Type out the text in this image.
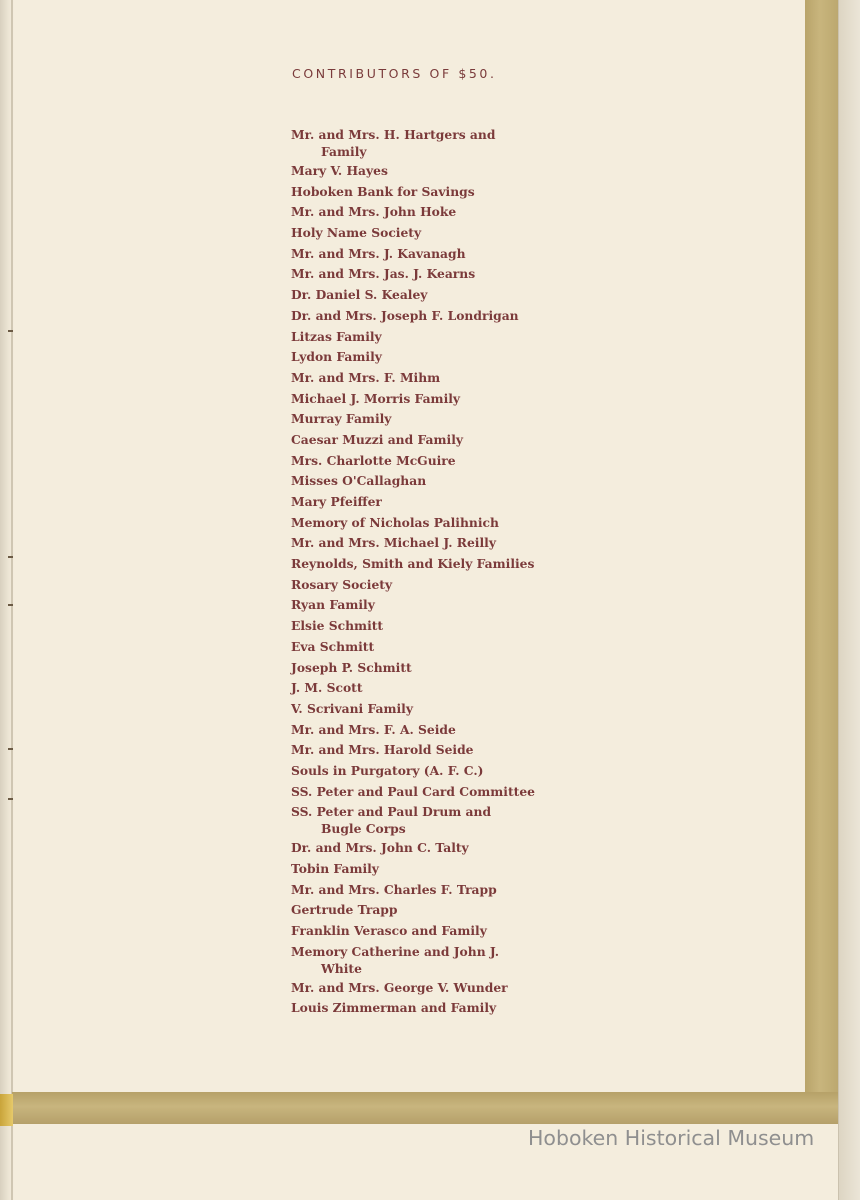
CONTRIBUTORS OF $50.
Mr. and Mrs. H. Hartgers and
Family
Mary V. Hayes
Hoboken Bank for Savings
Mr. and Mrs. John Hoke
Holy Name Society
Mr. and Mrs. J. Kavanagh
Mr. and Mrs. Jas. J. Kearns
Dr. Daniel S. Kealey
Dr. and Mrs. Joseph F. Londrigan
Litzas Family
Lydon Family
Mr. and Mrs. F. Mihm
Michael J. Morris Family
Murray Family
Caesar Muzzi and Family
Mrs. Charlotte McGuire
Misses O'Callaghan
Mary Pfeiffer
Memory of Nicholas Palihnich
Mr. and Mrs. Michael J. Reilly
Reynolds, Smith and Kiely Families
Rosary Society
Ryan Family
Elsie Schmitt
Eva Schmitt
Joseph P. Schmitt
J. M. Scott
V. Scrivani Family
Mr. and Mrs. F. A. Seide
Mr. and Mrs. Harold Seide
Souls in Purgatory (A. F. C.)
SS. Peter and Paul Card Committee
SS. Peter and Paul Drum and
Bugle Corps
Dr. and Mrs. John C. Talty
Tobin Family
Mr. and Mrs. Charles F. Trapp
Gertrude Trapp
Franklin Verasco and Family
Memory Catherine and John J.
White
Mr. and Mrs. George V. Wunder
Louis Zimmerman and Family
Hoboken Historical Museum
